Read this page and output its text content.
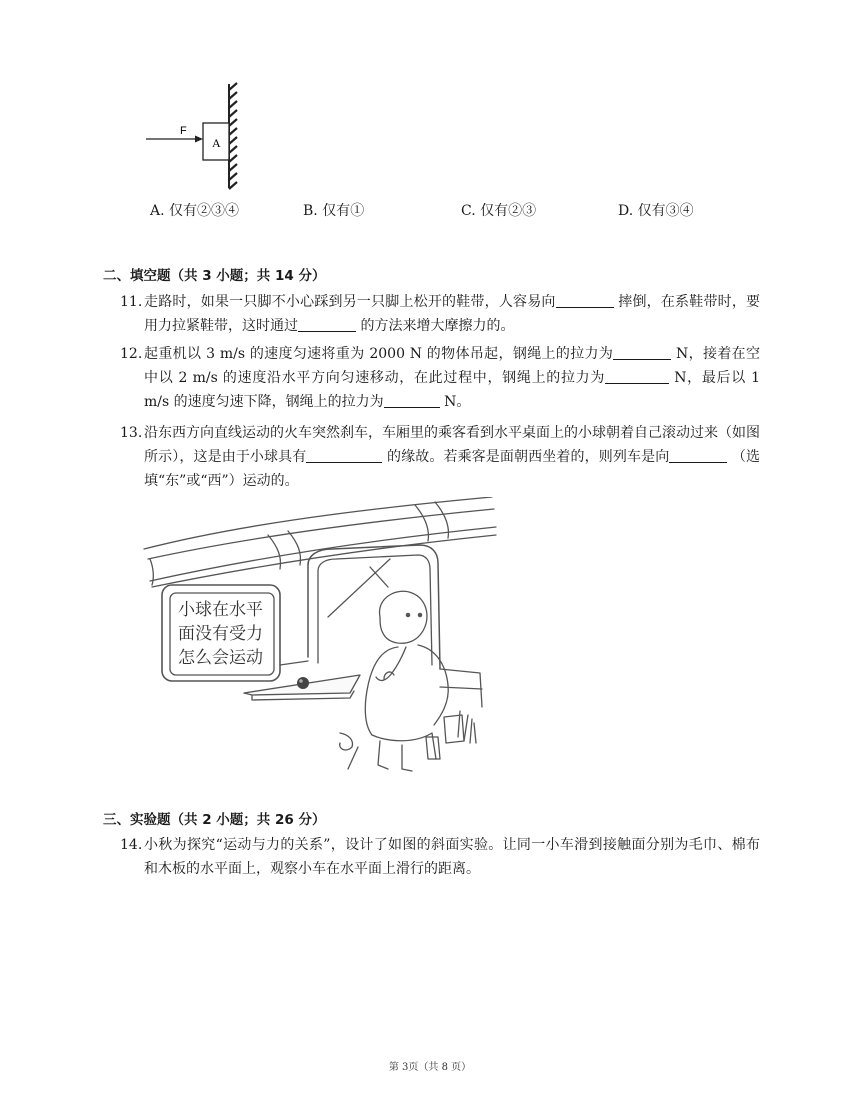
A
F
A. 仅有②③④	B. 仅有①	C. 仅有②③	D. 仅有③④
二、填空题（共 3 小题；共 14 分）
11. 走路时，如果一只脚不小心踩到另一只脚上松开的鞋带，人容易向	摔倒，在系鞋带时，要用力拉紧鞋带，这时通过	的方法来增大摩擦力的。
12. 起重机以 3 m/s 的速度匀速将重为 2000 N 的物体吊起，钢绳上的拉力为	N，接着在空中以 2 m/s 的速度沿水平方向匀速移动，在此过程中，钢绳上的拉力为	N，最后以 1 m/s 的速度匀速下降，钢绳上的拉力为	N。
13. 沿东西方向直线运动的火车突然刹车，车厢里的乘客看到水平桌面上的小球朝着自己滚动过来（如图所示），这是由于小球具有	的缘故。若乘客是面朝西坐着的，则列车是向	（选填“东”或“西”）运动的。
小球在水平
面没有受力
怎么会运动
三、实验题（共 2 小题；共 26 分）
14. 小秋为探究“运动与力的关系”，设计了如图的斜面实验。让同一小车滑到接触面分别为毛巾、棉布和木板的水平面上，观察小车在水平面上滑行的距离。
第 3页（共 8 页）
